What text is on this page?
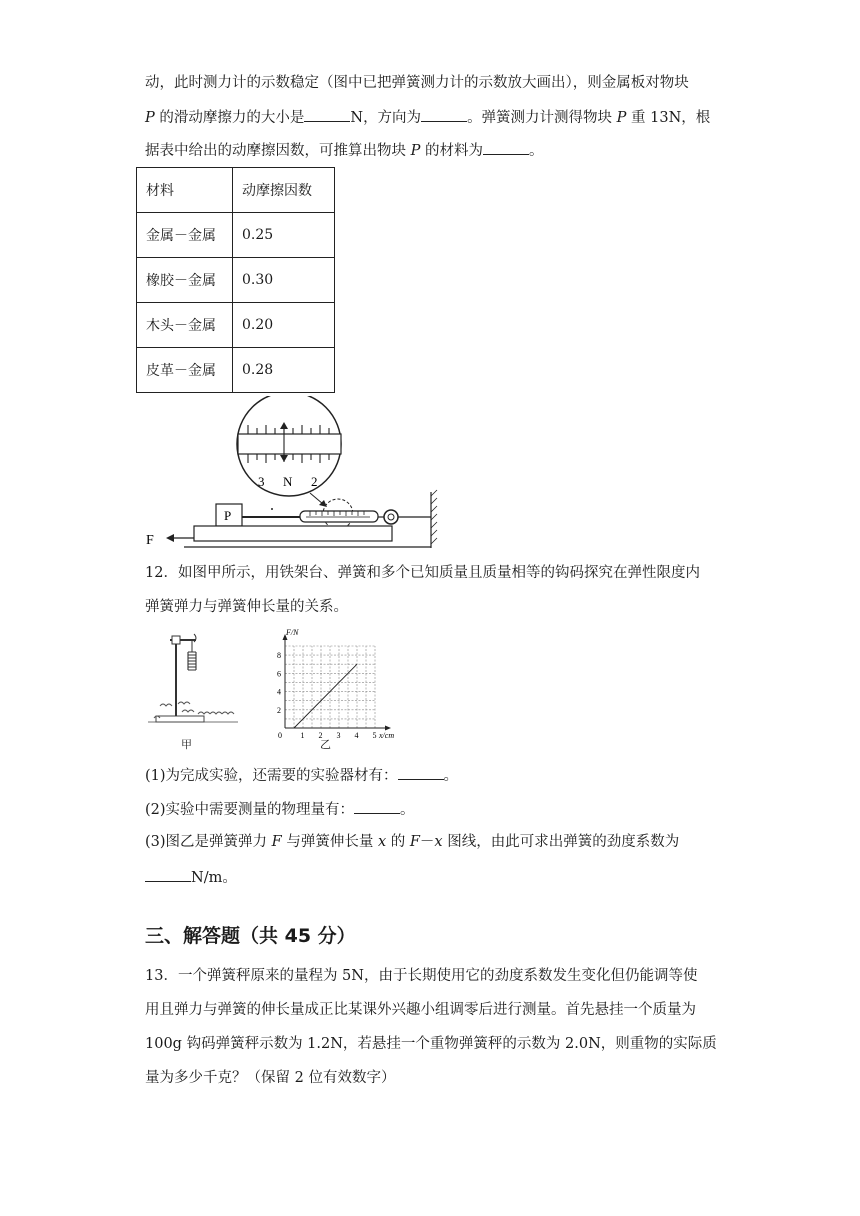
动，此时测力计的示数稳定（图中已把弹簧测力计的示数放大画出），则金属板对物块
P 的滑动摩擦力的大小是	N，方向为	。弹簧测力计测得物块 P 重 13N，根
据表中给出的动摩擦因数，可推算出物块 P 的材料为	。
材料	动摩擦因数
金属－金属	0.25
橡胶－金属	0.30
木头－金属	0.20
皮革－金属	0.28
3 N 2
P
F
12．如图甲所示，用铁架台、弹簧和多个已知质量且质量相等的钩码探究在弹性限度内
弹簧弹力与弹簧伸长量的关系。
甲
0 1 2 3 4 5
2
4
6
8
x/cm
F/N
乙
(1)为完成实验，还需要的实验器材有：	。
(2)实验中需要测量的物理量有：	。
(3)图乙是弹簧弹力 F 与弹簧伸长量 x 的 F－x 图线，由此可求出弹簧的劲度系数为
N/m。
三、解答题（共 45 分）
13．一个弹簧秤原来的量程为 5N，由于长期使用它的劲度系数发生变化但仍能调等使
用且弹力与弹簧的伸长量成正比某课外兴趣小组调零后进行测量。首先悬挂一个质量为
100g 钩码弹簧秤示数为 1.2N，若悬挂一个重物弹簧秤的示数为 2.0N，则重物的实际质
量为多少千克？（保留 2 位有效数字）
